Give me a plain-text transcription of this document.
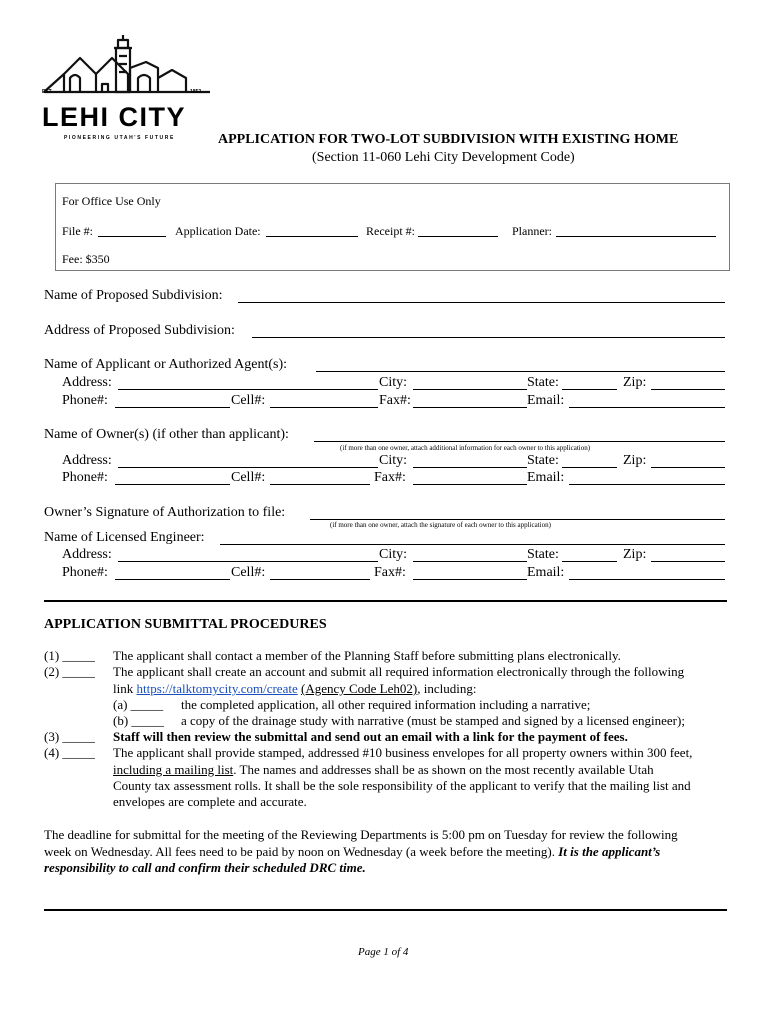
EST	1852
LEHI CITY
PIONEERING UTAH'S FUTURE	APPLICATION FOR TWO-LOT SUBDIVISION WITH EXISTING HOME
(Section 11-060 Lehi City Development Code)
For Office Use Only
File #:	Application Date:	Receipt #:	Planner:
Fee: $350
Name of Proposed Subdivision:
Address of Proposed Subdivision:
Name of Applicant or Authorized Agent(s):
Address:	City:	State:	Zip:
Phone#:	Cell#:	Fax#:	Email:
Name of Owner(s) (if other than applicant):
(if more than one owner, attach additional information for each owner to this application)
Address:	City:	State:	Zip:
Phone#:	Cell#:	Fax#:	Email:
Owner’s Signature of Authorization to file:
(if more than one owner, attach the signature of each owner to this application)
Name of Licensed Engineer:
Address:	City:	State:	Zip:
Phone#:	Cell#:	Fax#:	Email:
APPLICATION SUBMITTAL PROCEDURES
(1) _____ The applicant shall contact a member of the Planning Staff before submitting plans electronically.
(2) _____ The applicant shall create an account and submit all required information electronically through the following
link https://talktomycity.com/create (Agency Code Leh02), including:
(a) _____ the completed application, all other required information including a narrative;
(b) _____ a copy of the drainage study with narrative (must be stamped and signed by a licensed engineer);
(3) _____ Staff will then review the submittal and send out an email with a link for the payment of fees.
(4) _____ The applicant shall provide stamped, addressed #10 business envelopes for all property owners within 300 feet,
including a mailing list. The names and addresses shall be as shown on the most recently available Utah
County tax assessment rolls. It shall be the sole responsibility of the applicant to verify that the mailing list and
envelopes are complete and accurate.
The deadline for submittal for the meeting of the Reviewing Departments is 5:00 pm on Tuesday for review the following
week on Wednesday. All fees need to be paid by noon on Wednesday (a week before the meeting). It is the applicant’s
responsibility to call and confirm their scheduled DRC time.
Page 1 of 4
